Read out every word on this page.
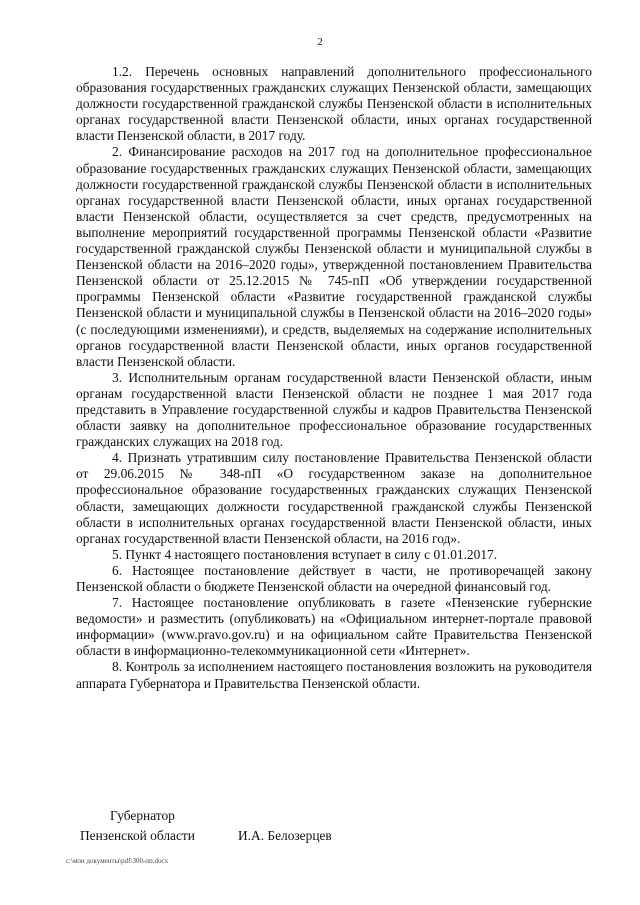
2

1.2. Перечень основных направлений дополнительного профессионального образования государственных гражданских служащих Пензенской области, замещающих должности государственной гражданской службы Пензенской области в исполнительных органах государственной власти Пензенской области, иных органах государственной власти Пензенской области, в 2017 году.

2. Финансирование расходов на 2017 год на дополнительное профессиональное образование государственных гражданских служащих Пензенской области, замещающих должности государственной гражданской службы Пензенской области в исполнительных органах государственной власти Пензенской области, иных органах государственной власти Пензенской области, осуществляется за счет средств, предусмотренных на выполнение мероприятий государственной программы Пензенской области «Развитие государственной гражданской службы Пензенской области и муниципальной службы в Пензенской области на 2016–2020 годы», утвержденной постановлением Правительства Пензенской области от 25.12.2015 № 745-пП «Об утверждении государственной программы Пензенской области «Развитие государственной гражданской службы Пензенской области и муниципальной службы в Пензенской области на 2016–2020 годы» (с последующими изменениями), и средств, выделяемых на содержание исполнительных органов государственной власти Пензенской области, иных органов государственной власти Пензенской области.

3. Исполнительным органам государственной власти Пензенской области, иным органам государственной власти Пензенской области не позднее 1 мая 2017 года представить в Управление государственной службы и кадров Правительства Пензенской области заявку на дополнительное профессиональное образование государственных гражданских служащих на 2018 год.

4. Признать утратившим силу постановление Правительства Пензенской области от 29.06.2015 № 348-пП «О государственном заказе на дополнительное профессиональное образование государственных гражданских служащих Пензенской области, замещающих должности государственной гражданской службы Пензенской области в исполнительных органах государственной власти Пензенской области, иных органах государственной власти Пензенской области, на 2016 год».

5. Пункт 4 настоящего постановления вступает в силу с 01.01.2017.

6. Настоящее постановление действует в части, не противоречащей закону Пензенской области о бюджете Пензенской области на очередной финансовый год.

7. Настоящее постановление опубликовать в газете «Пензенские губернские ведомости» и разместить (опубликовать) на «Официальном интернет-портале правовой информации» (www.pravo.gov.ru) и на официальном сайте Правительства Пензенской области в информационно-телекоммуникационной сети «Интернет».

8. Контроль за исполнением настоящего постановления возложить на руководителя аппарата Губернатора и Правительства Пензенской области.

Губернатор
Пензенской области	И.А. Белозерцев
c:\мои документы\pdf\300-пп.docx
